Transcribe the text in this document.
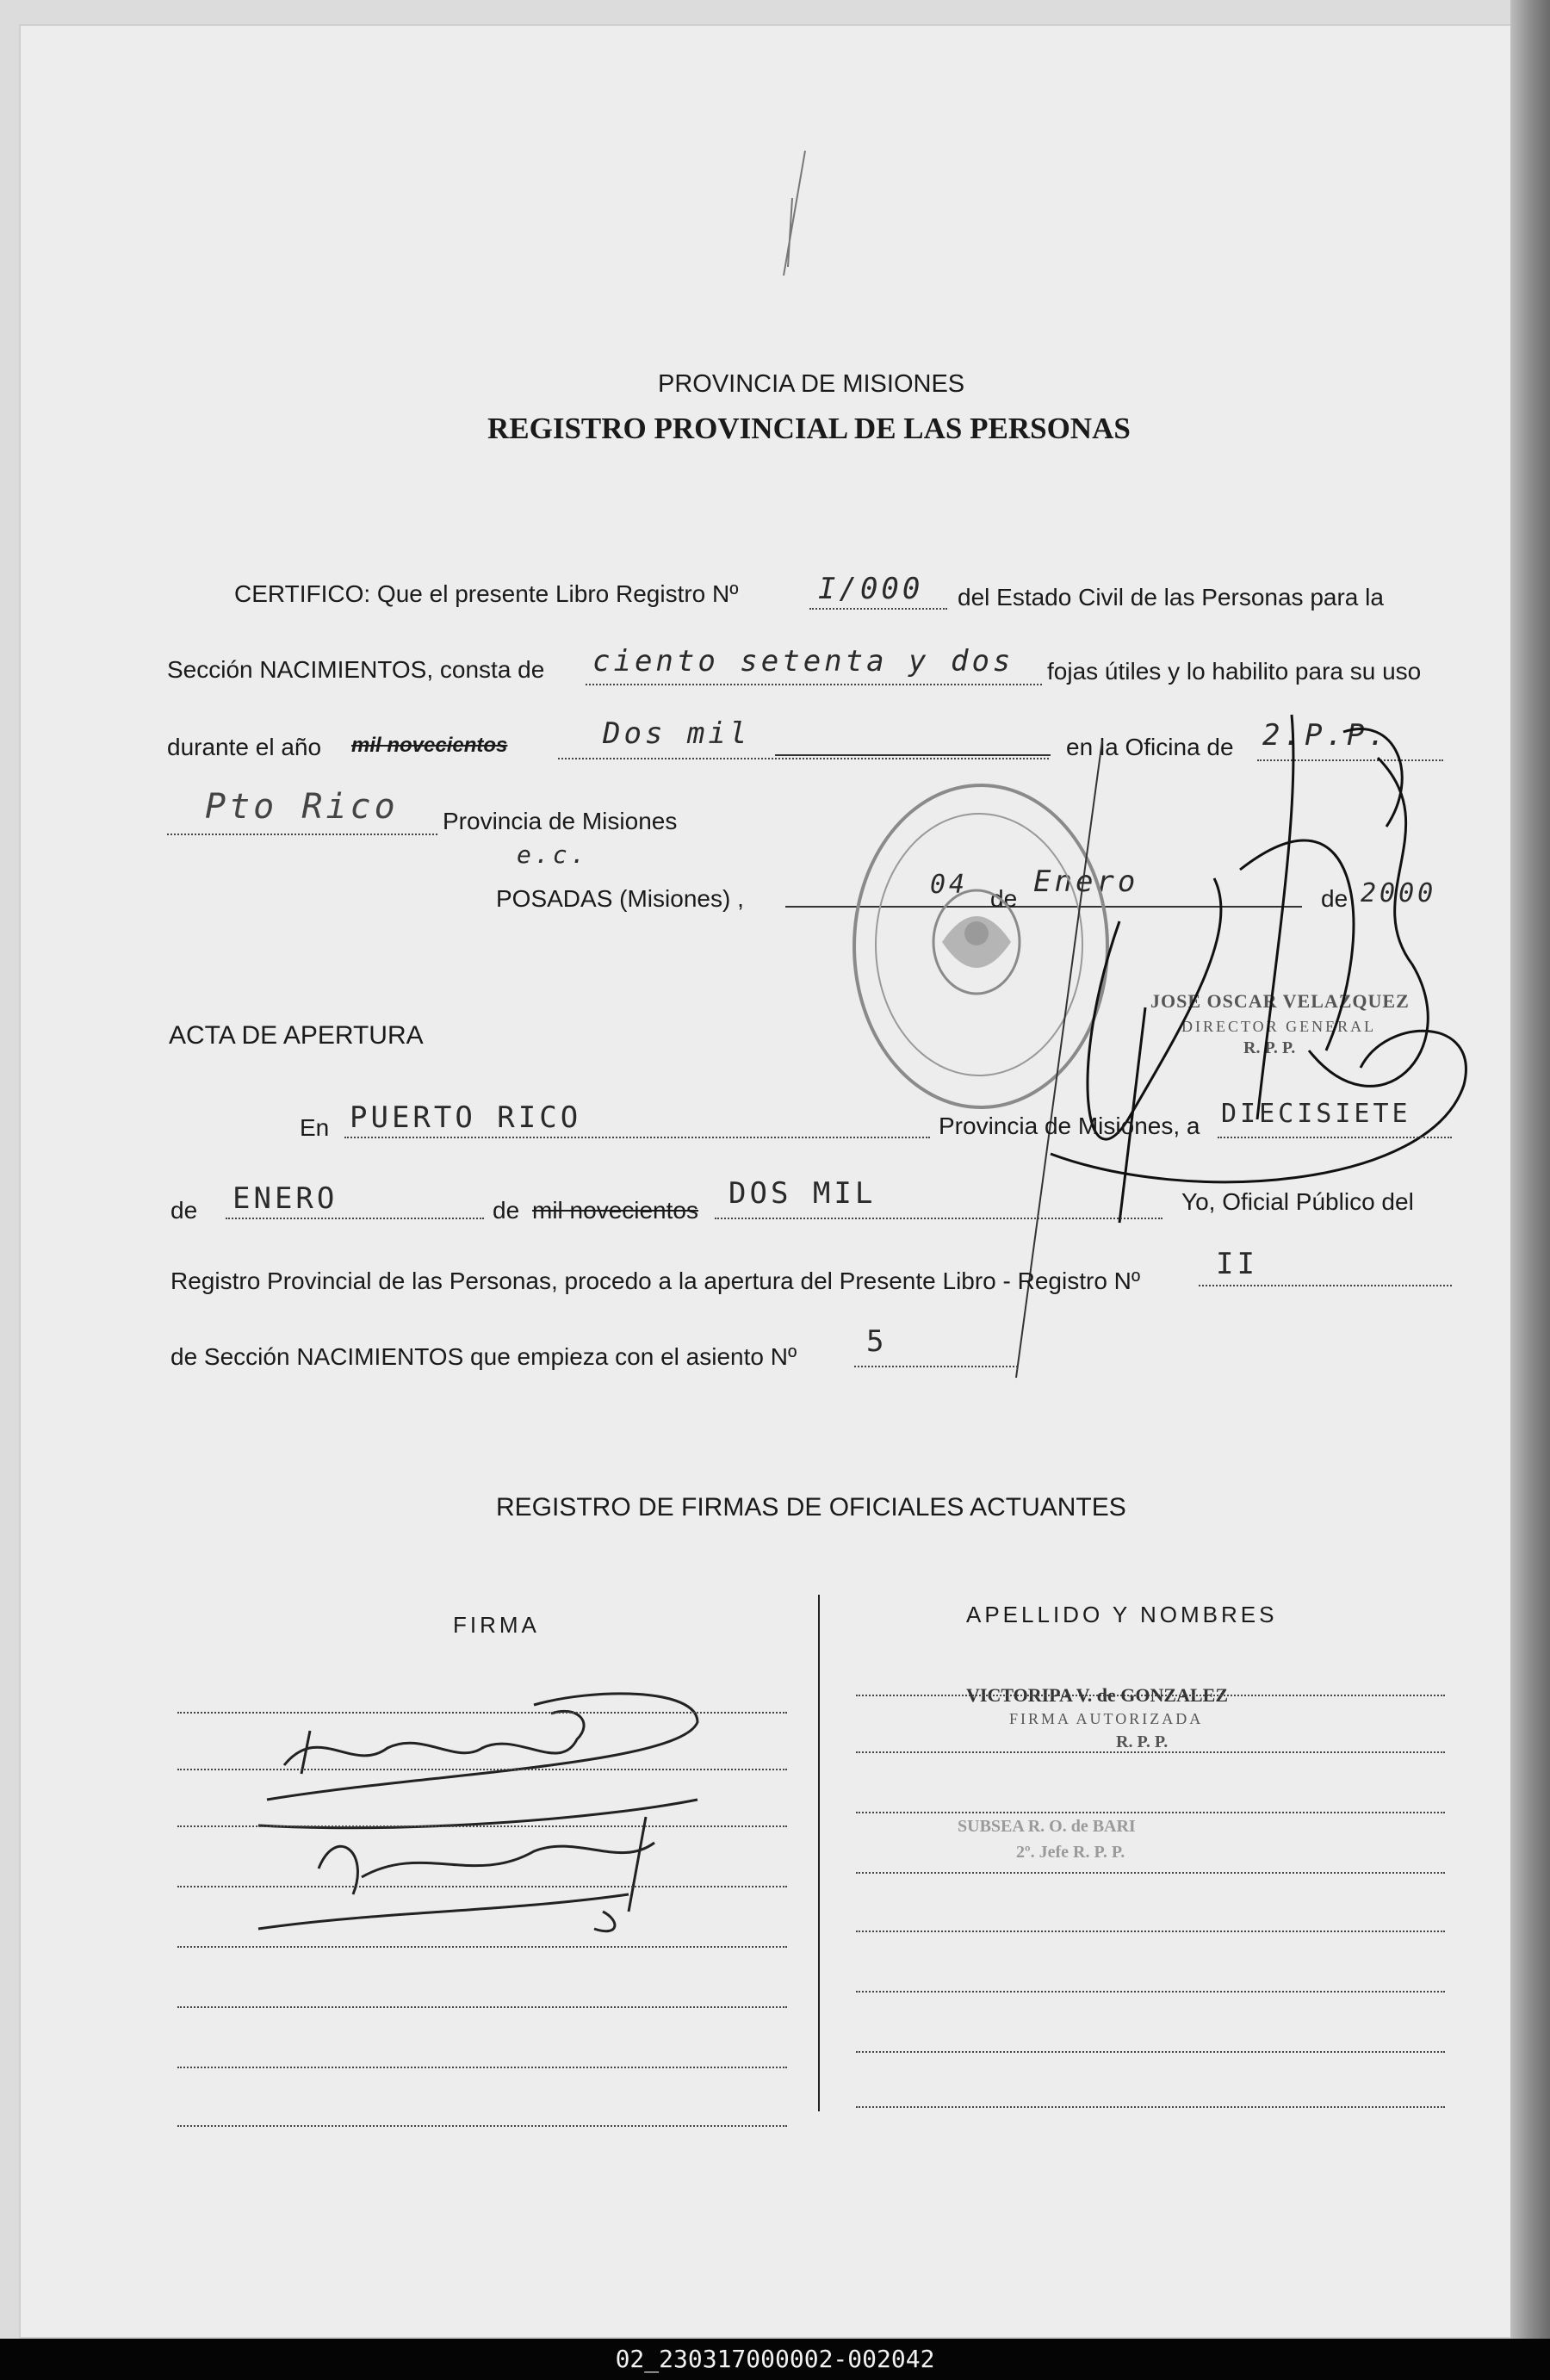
PROVINCIA DE MISIONES
REGISTRO PROVINCIAL DE LAS PERSONAS
CERTIFICO: Que el presente Libro Registro Nº	I/000 del Estado Civil de las Personas para la
Sección NACIMIENTOS, consta de ciento setenta y dos fojas útiles y lo habilito para su uso
durante el año mil novecientos	Dos mil	en la Oficina de 2.P.P.
Pto Rico Provincia de Misiones
e.c.
POSADAS (Misiones) ,	04 de Enero	de 2000
JOSE OSCAR VELAZQUEZ
DIRECTOR GENERAL
R. P. P.
ACTA DE APERTURA
En PUERTO RICO	Provincia de Misiones, a DIECISIETE
de ENERO	de mil novecientos DOS MIL	Yo, Oficial Público del
Registro Provincial de las Personas, procedo a la apertura del Presente Libro - Registro Nº	II
de Sección NACIMIENTOS que empieza con el asiento Nº 5
REGISTRO DE FIRMAS DE OFICIALES ACTUANTES
FIRMA	APELLIDO Y NOMBRES
VICTORIPA V. de GONZALEZ
FIRMA AUTORIZADA
R. P. P.
SUBSEA R. O. de BARI
2º. Jefe R. P. P.
02_230317000002-002042
